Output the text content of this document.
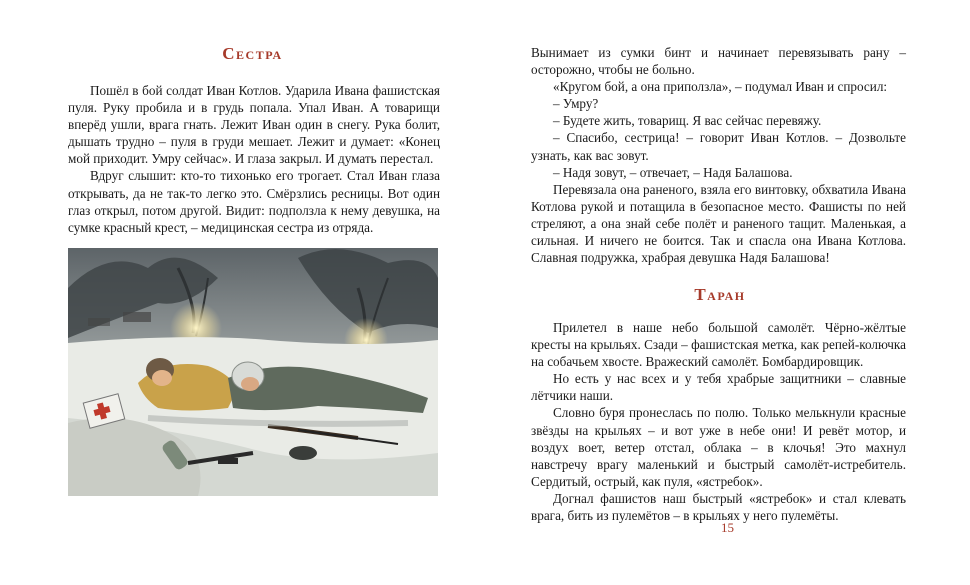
Сестра

Пошёл в бой солдат Иван Котлов. Ударила Ивана фашистская пуля. Руку пробила и в грудь попала. Упал Иван. А товарищи вперёд ушли, врага гнать. Лежит Иван один в снегу. Рука болит, дышать трудно – пуля в груди мешает. Лежит и думает: «Конец мой приходит. Умру сейчас». И глаза закрыл. И думать перестал.

Вдруг слышит: кто-то тихонько его трогает. Стал Иван глаза открывать, да не так-то легко это. Смёрзлись ресницы. Вот один глаз открыл, потом другой. Видит: подползла к нему девушка, на сумке красный крест, – медицинская сестра из отряда.

Вынимает из сумки бинт и начинает перевязывать рану – осторожно, чтобы не больно.

«Кругом бой, а она приползла», – подумал Иван и спросил:

– Умру?

– Будете жить, товарищ. Я вас сейчас перевяжу.

– Спасибо, сестрица! – говорит Иван Котлов. – Дозвольте узнать, как вас зовут.

– Надя зовут, – отвечает, – Надя Балашова.

Перевязала она раненого, взяла его винтовку, обхватила Ивана Котлова рукой и потащила в безопасное место. Фашисты по ней стреляют, а она знай себе полёт и раненого тащит. Маленькая, а сильная. И ничего не боится. Так и спасла она Ивана Котлова. Славная подружка, храбрая девушка Надя Балашова!

Таран

Прилетел в наше небо большой самолёт. Чёрно-жёлтые кресты на крыльях. Сзади – фашистская метка, как репей-колючка на собачьем хвосте. Вражеский самолёт. Бомбардировщик.

Но есть у нас всех и у тебя храбрые защитники – славные лётчики наши.

Словно буря пронеслась по полю. Только мелькнули красные звёзды на крыльях – и вот уже в небе они! И ревёт мотор, и воздух воет, ветер отстал, облака – в клочья! Это махнул навстречу врагу маленький и быстрый самолёт-истребитель. Сердитый, острый, как пуля, «ястребок».

Догнал фашистов наш быстрый «ястребок» и стал клевать врага, бить из пулемётов – в крыльях у него пулемёты.

15
